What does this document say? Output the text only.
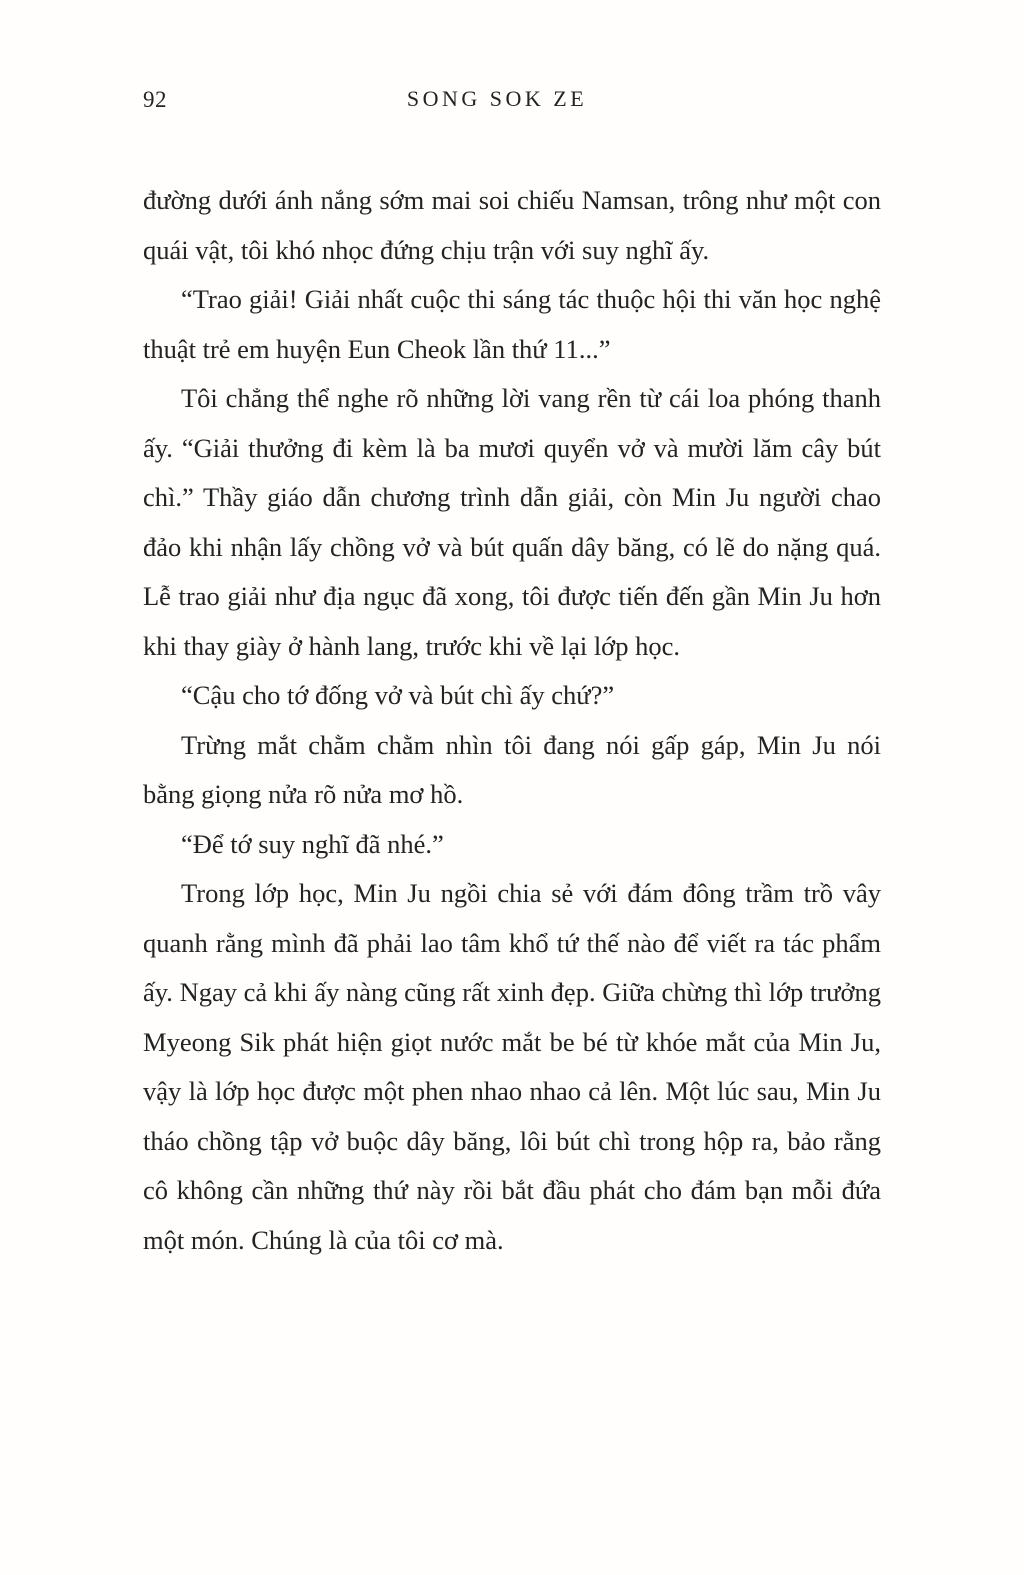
92	SONG SOK ZE

đường dưới ánh nắng sớm mai soi chiếu Namsan, trông như một con quái vật, tôi khó nhọc đứng chịu trận với suy nghĩ ấy.

“Trao giải! Giải nhất cuộc thi sáng tác thuộc hội thi văn học nghệ thuật trẻ em huyện Eun Cheok lần thứ 11...”

Tôi chẳng thể nghe rõ những lời vang rền từ cái loa phóng thanh ấy. “Giải thưởng đi kèm là ba mươi quyển vở và mười lăm cây bút chì.” Thầy giáo dẫn chương trình dẫn giải, còn Min Ju người chao đảo khi nhận lấy chồng vở và bút quấn dây băng, có lẽ do nặng quá. Lễ trao giải như địa ngục đã xong, tôi được tiến đến gần Min Ju hơn khi thay giày ở hành lang, trước khi về lại lớp học.

“Cậu cho tớ đống vở và bút chì ấy chứ?”

Trừng mắt chằm chằm nhìn tôi đang nói gấp gáp, Min Ju nói bằng giọng nửa rõ nửa mơ hồ.

“Để tớ suy nghĩ đã nhé.”

Trong lớp học, Min Ju ngồi chia sẻ với đám đông trầm trồ vây quanh rằng mình đã phải lao tâm khổ tứ thế nào để viết ra tác phẩm ấy. Ngay cả khi ấy nàng cũng rất xinh đẹp. Giữa chừng thì lớp trưởng Myeong Sik phát hiện giọt nước mắt be bé từ khóe mắt của Min Ju, vậy là lớp học được một phen nhao nhao cả lên. Một lúc sau, Min Ju tháo chồng tập vở buộc dây băng, lôi bút chì trong hộp ra, bảo rằng cô không cần những thứ này rồi bắt đầu phát cho đám bạn mỗi đứa một món. Chúng là của tôi cơ mà.
